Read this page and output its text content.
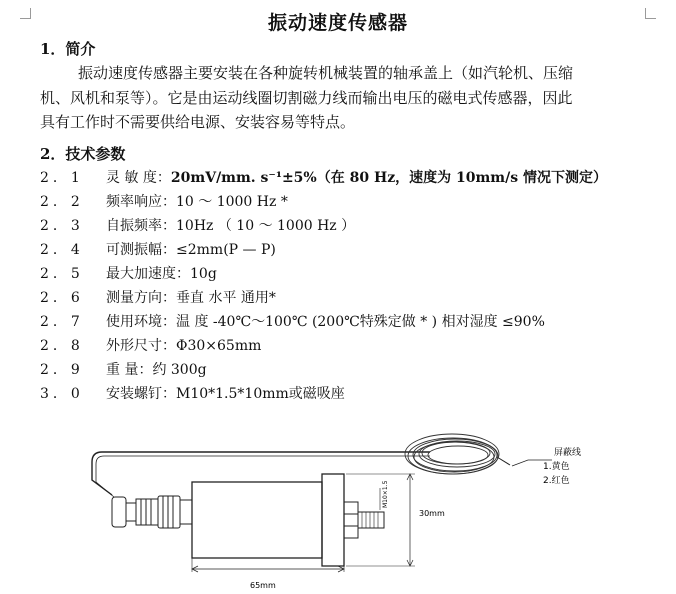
振动速度传感器
1．简介
振动速度传感器主要安装在各种旋转机械装置的轴承盖上（如汽轮机、压缩
机、风机和泵等）。它是由运动线圈切割磁力线而输出电压的磁电式传感器，因此
具有工作时不需要供给电源、安装容易等特点。
2．技术参数
2．1 灵 敏 度：20mV/mm. s⁻¹±5%（在 80 Hz，速度为 10mm/s 情况下测定）
2．2 频率响应：10 ～ 1000 Hz *
2．3 自振频率：10Hz （ 10 ～ 1000 Hz ）
2．4 可测振幅：≤2mm(P — P)
2．5 最大加速度：10g
2．6 测量方向：垂直 水平 通用*
2．7 使用环境：温 度 -40℃～100℃ (200℃特殊定做 * ) 相对湿度 ≤90%
2．8 外形尺寸：Φ30×65mm
2．9 重 量：约 300g
3．0 安装螺钉：M10*1.5*10mm或磁吸座
屏蔽线
1.黄色
2.红色
30mm
65mm
M10×1.5
